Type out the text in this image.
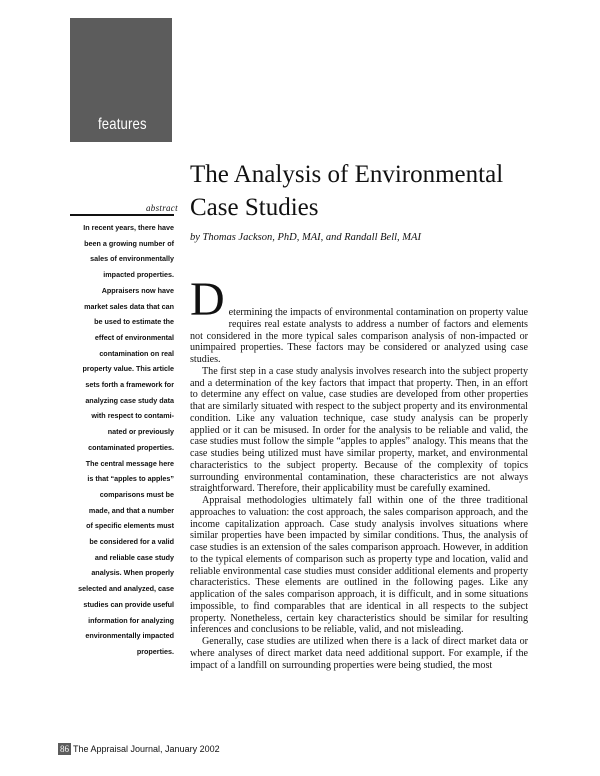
features
The Analysis of Environmental Case Studies
by Thomas Jackson, PhD, MAI, and Randall Bell, MAI
abstract
In recent years, there have
been a growing number of
sales of environmentally
impacted properties.
Appraisers now have
market sales data that can
be used to estimate the
effect of environmental
contamination on real
property value. This article
sets forth a framework for
analyzing case study data
with respect to contami-
nated or previously
contaminated properties.
The central message here
is that “apples to apples”
comparisons must be
made, and that a number
of specific elements must
be considered for a valid
and reliable case study
analysis. When properly
selected and analyzed, case
studies can provide useful
information for analyzing
environmentally impacted
properties.

Determining the impacts of environmental contamination on property value requires real estate analysts to address a number of factors and elements not considered in the more typical sales comparison analysis of non-impacted or unimpaired properties. These factors may be considered or analyzed using case studies.

The first step in a case study analysis involves research into the subject property and a determination of the key factors that impact that property. Then, in an effort to determine any effect on value, case studies are developed from other properties that are similarly situated with respect to the subject property and its environmental condition. Like any valuation technique, case study analysis can be properly applied or it can be misused. In order for the analysis to be reliable and valid, the case studies must follow the simple “apples to apples” analogy. This means that the case studies being utilized must have similar property, market, and environmental characteristics to the subject property. Because of the complexity of topics surrounding environmental contamination, these characteristics are not always straightforward. Therefore, their applicability must be carefully examined.

Appraisal methodologies ultimately fall within one of the three traditional approaches to valuation: the cost approach, the sales comparison approach, and the income capitalization approach. Case study analysis involves situations where similar properties have been impacted by similar conditions. Thus, the analysis of case studies is an extension of the sales comparison approach. However, in addition to the typical elements of comparison such as property type and location, valid and reliable environmental case studies must consider additional elements and property characteristics. These elements are outlined in the following pages. Like any application of the sales comparison approach, it is difficult, and in some situations impossible, to find comparables that are identical in all respects to the subject property. Nonetheless, certain key characteristics should be similar for resulting inferences and conclusions to be reliable, valid, and not misleading.

Generally, case studies are utilized when there is a lack of direct market data or where analyses of direct market data need additional support. For example, if the impact of a landfill on surrounding properties were being studied, the most

86 The Appraisal Journal, January 2002
